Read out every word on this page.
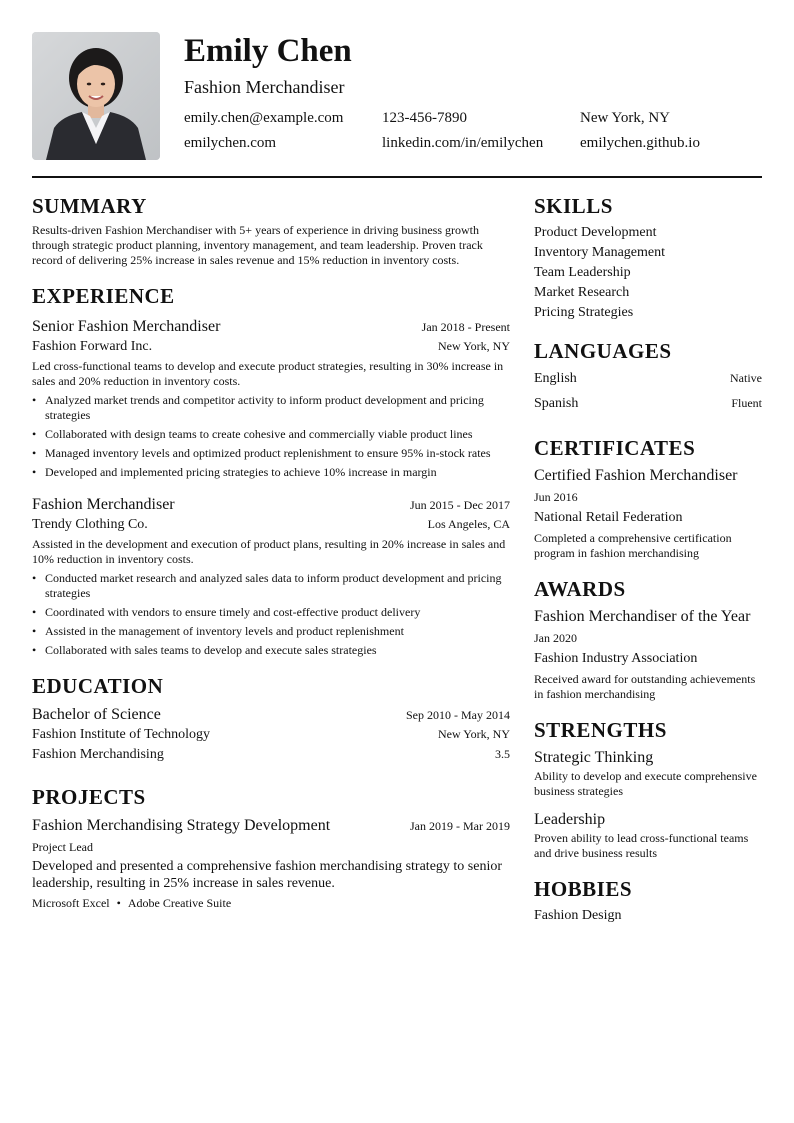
Emily Chen
Fashion Merchandiser
emily.chen@example.com	123-456-7890	New York, NY
emilychen.com	linkedin.com/in/emilychen	emilychen.github.io
SUMMARY
Results-driven Fashion Merchandiser with 5+ years of experience in driving business growth through strategic product planning, inventory management, and team leadership. Proven track record of delivering 25% increase in sales revenue and 15% reduction in inventory costs.
EXPERIENCE
Senior Fashion Merchandiser	Jan 2018 - Present
Fashion Forward Inc.	New York, NY
Led cross-functional teams to develop and execute product strategies, resulting in 30% increase in sales and 20% reduction in inventory costs.
• Analyzed market trends and competitor activity to inform product development and pricing strategies
• Collaborated with design teams to create cohesive and commercially viable product lines
• Managed inventory levels and optimized product replenishment to ensure 95% in-stock rates
• Developed and implemented pricing strategies to achieve 10% increase in margin
Fashion Merchandiser	Jun 2015 - Dec 2017
Trendy Clothing Co.	Los Angeles, CA
Assisted in the development and execution of product plans, resulting in 20% increase in sales and 10% reduction in inventory costs.
• Conducted market research and analyzed sales data to inform product development and pricing strategies
• Coordinated with vendors to ensure timely and cost-effective product delivery
• Assisted in the management of inventory levels and product replenishment
• Collaborated with sales teams to develop and execute sales strategies
EDUCATION
Bachelor of Science	Sep 2010 - May 2014
Fashion Institute of Technology	New York, NY
Fashion Merchandising	3.5
PROJECTS
Fashion Merchandising Strategy Development	Jan 2019 - Mar 2019
Project Lead
Developed and presented a comprehensive fashion merchandising strategy to senior leadership, resulting in 25% increase in sales revenue.
Microsoft Excel • Adobe Creative Suite
SKILLS
Product Development
Inventory Management
Team Leadership
Market Research
Pricing Strategies
LANGUAGES
English	Native
Spanish	Fluent
CERTIFICATES
Certified Fashion Merchandiser
Jun 2016
National Retail Federation
Completed a comprehensive certification program in fashion merchandising
AWARDS
Fashion Merchandiser of the Year
Jan 2020
Fashion Industry Association
Received award for outstanding achievements in fashion merchandising
STRENGTHS
Strategic Thinking
Ability to develop and execute comprehensive business strategies
Leadership
Proven ability to lead cross-functional teams and drive business results
HOBBIES
Fashion Design
